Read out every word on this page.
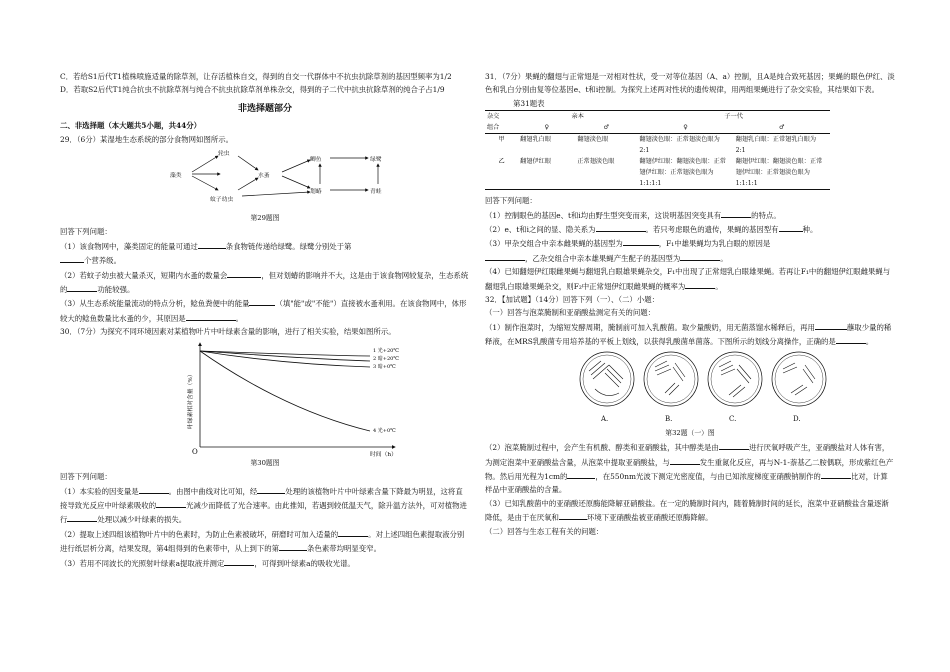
C．若给S1后代T1植株喷施适量的除草剂，让存活植株自交，得到的自交一代群体中不抗虫抗除草剂的基因型频率为1/2

D．若取S2后代T1纯合抗虫不抗除草剂与纯合不抗虫抗除草剂单株杂交，得到的子二代中抗虫抗除草剂的纯合子占1/9

非选择题部分

二、非选择题（本大题共5小题，共44分）

29．（6分）某湿地生态系统的部分食物网如图所示。

藻类
轮虫
水蚤
蚊子幼虫
鲫鱼
划蝽
绿鹭
青蛙

第29题图

回答下列问题：

（1）该食物网中，藻类固定的能量可通过	条食物链传递给绿鹭。绿鹭分别处于第
个营养级。

（2）若蚊子幼虫被大量杀灭，短期内水蚤的数量会	，但对划蝽的影响并不大，这是由于该食物网较复杂，生态系统的	功能较强。

（3）从生态系统能量流动的特点分析，鲶鱼粪便中的能量	（填"能"或"不能"）直接被水蚤利用。在该食物网中，体形较大的鲶鱼数量比水蚤的少，其原因是	。

30．（7分）为探究不同环境因素对某植物叶片中叶绿素含量的影响，进行了相关实验，结果如图所示。

O
叶绿素相对含量（%）
时间（h）
1 光+20℃
2 暗+20℃
3 暗+0℃
4 光+0℃

第30题图

回答下列问题：

（1）本实验的因变量是	。由图中曲线对比可知，经	处理的该植物叶片中叶绿素含量下降最为明显，这将直接导致光反应中叶绿素吸收的	光减少而降低了光合速率。由此推知，若遇到较低温天气，除升温方法外，可对植物进行	处理以减少叶绿素的损失。

（2）提取上述四组该植物叶片中的色素时，为防止色素被破坏，研磨时可加入适量的	。对上述四组色素提取液分别进行纸层析分离，结果发现，第4组得到的色素带中，从上到下的第	条色素带均明显变窄。

（3）若用不同波长的光照射叶绿素a提取液并测定	，可得到叶绿素a的吸收光谱。

31．（7分）果蝇的翻翅与正常翅是一对相对性状，受一对等位基因（A、a）控制，且A是纯合致死基因；果蝇的眼色伊红、淡色和乳白分别由复等位基因e、t和i控制。为探究上述两对性状的遗传规律，用两组果蝇进行了杂交实验，其结果如下表。

第31题表

杂交	亲本		子一代	
组合	♀	♂	♀	♂
甲	翻翅乳白眼	翻翅淡色眼	翻翅淡色眼：正常翅淡色眼为 2:1	翻翅乳白眼：正常翅乳白眼为 2:1
乙	翻翅伊红眼	正常翅淡色眼	翻翅伊红眼：翻翅淡色眼：正常翅伊红眼：正常翅淡色眼为 1:1:1:1	翻翅伊红眼：翻翅淡色眼：正常翅伊红眼：正常翅淡色眼为 1:1:1:1

回答下列问题：

（1）控制眼色的基因e、t和i均由野生型突变而来，这说明基因突变具有	的特点。

（2）e、t和i之间的显、隐关系为	。若只考虑眼色的遗传，果蝇的基因型有	种。

（3）甲杂交组合中亲本雌果蝇的基因型为	，F₁中雄果蝇均为乳白眼的原因是
，乙杂交组合中亲本雄果蝇产生配子的基因型为	。

（4）已知翻翅伊红眼雌果蝇与翻翅乳白眼雄果蝇杂交，F₁中出现了正常翅乳白眼雄果蝇。若再让F₁中的翻翅伊红眼雌果蝇与翻翅乳白眼雄果蝇杂交，则F₂中正常翅伊红眼雌果蝇的概率为	。

32．【加试题】（14分）回答下列（一）、（二）小题：

（一）回答与泡菜腌制和亚硝酸盐测定有关的问题：

（1）制作泡菜时，为缩短发酵周期，腌制前可加入乳酸菌。取少量酸奶，用无菌蒸馏水稀释后，再用	蘸取少量的稀释液，在MRS乳酸菌专用培养基的平板上划线，以获得乳酸菌单菌落。下图所示的划线分离操作，正确的是	。

A.	B.	C.	D.

第32题（一）图

（2）泡菜腌制过程中，会产生有机酸、醇类和亚硝酸盐，其中醇类是由	进行厌氧呼吸产生，亚硝酸盐对人体有害，为测定泡菜中亚硝酸盐含量，从泡菜中提取亚硝酸盐，与	发生重氮化反应，再与N-1-萘基乙二胺偶联，形成紫红色产物。然后用光程为1cm的	，在550nm光波下测定光密度值，与由已知浓度梯度亚硝酸钠制作的	比对，计算样品中亚硝酸盐的含量。

（3）已知乳酸菌中的亚硝酸还原酶能降解亚硝酸盐。在一定的腌制时间内，随着腌制时间的延长，泡菜中亚硝酸盐含量逐渐降低，是由于在厌氧和	环境下亚硝酸盐被亚硝酸还原酶降解。

（二）回答与生态工程有关的问题：
